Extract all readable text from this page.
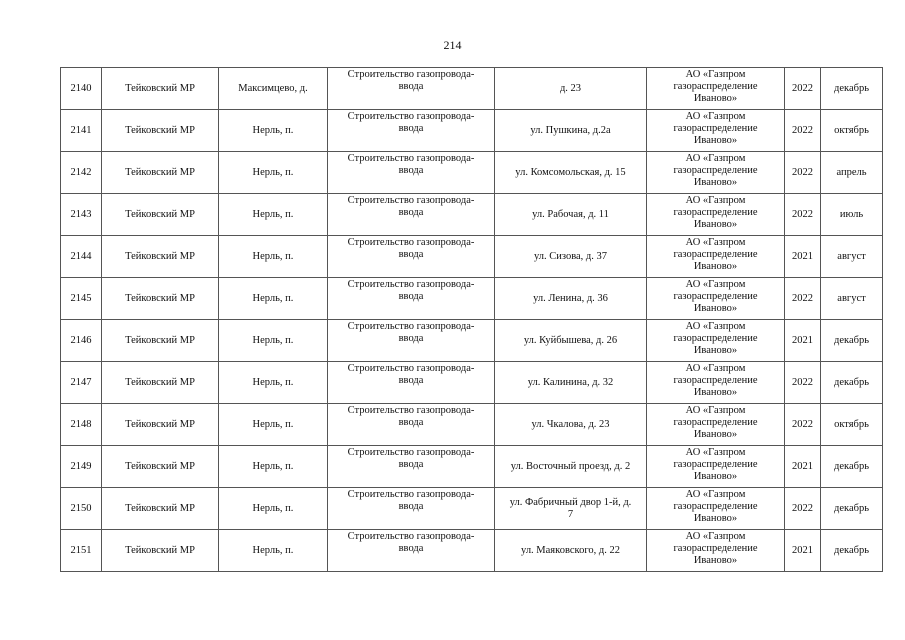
214
2140	Тейковский МР	Максимцево, д.	Строительство газопровода-
ввода	д. 23	АО «Газпром
газораспределение
Иваново»	2022	декабрь
2141	Тейковский МР	Нерль, п.	Строительство газопровода-
ввода	ул. Пушкина, д.2а	АО «Газпром
газораспределение
Иваново»	2022	октябрь
2142	Тейковский МР	Нерль, п.	Строительство газопровода-
ввода	ул. Комсомольская, д. 15	АО «Газпром
газораспределение
Иваново»	2022	апрель
2143	Тейковский МР	Нерль, п.	Строительство газопровода-
ввода	ул. Рабочая, д. 11	АО «Газпром
газораспределение
Иваново»	2022	июль
2144	Тейковский МР	Нерль, п.	Строительство газопровода-
ввода	ул. Сизова, д. 37	АО «Газпром
газораспределение
Иваново»	2021	август
2145	Тейковский МР	Нерль, п.	Строительство газопровода-
ввода	ул. Ленина, д. 36	АО «Газпром
газораспределение
Иваново»	2022	август
2146	Тейковский МР	Нерль, п.	Строительство газопровода-
ввода	ул. Куйбышева, д. 26	АО «Газпром
газораспределение
Иваново»	2021	декабрь
2147	Тейковский МР	Нерль, п.	Строительство газопровода-
ввода	ул. Калинина, д. 32	АО «Газпром
газораспределение
Иваново»	2022	декабрь
2148	Тейковский МР	Нерль, п.	Строительство газопровода-
ввода	ул. Чкалова, д. 23	АО «Газпром
газораспределение
Иваново»	2022	октябрь
2149	Тейковский МР	Нерль, п.	Строительство газопровода-
ввода	ул. Восточный проезд, д. 2	АО «Газпром
газораспределение
Иваново»	2021	декабрь
2150	Тейковский МР	Нерль, п.	Строительство газопровода-
ввода	ул. Фабричный двор 1-й, д.
7	АО «Газпром
газораспределение
Иваново»	2022	декабрь
2151	Тейковский МР	Нерль, п.	Строительство газопровода-
ввода	ул. Маяковского, д. 22	АО «Газпром
газораспределение
Иваново»	2021	декабрь
